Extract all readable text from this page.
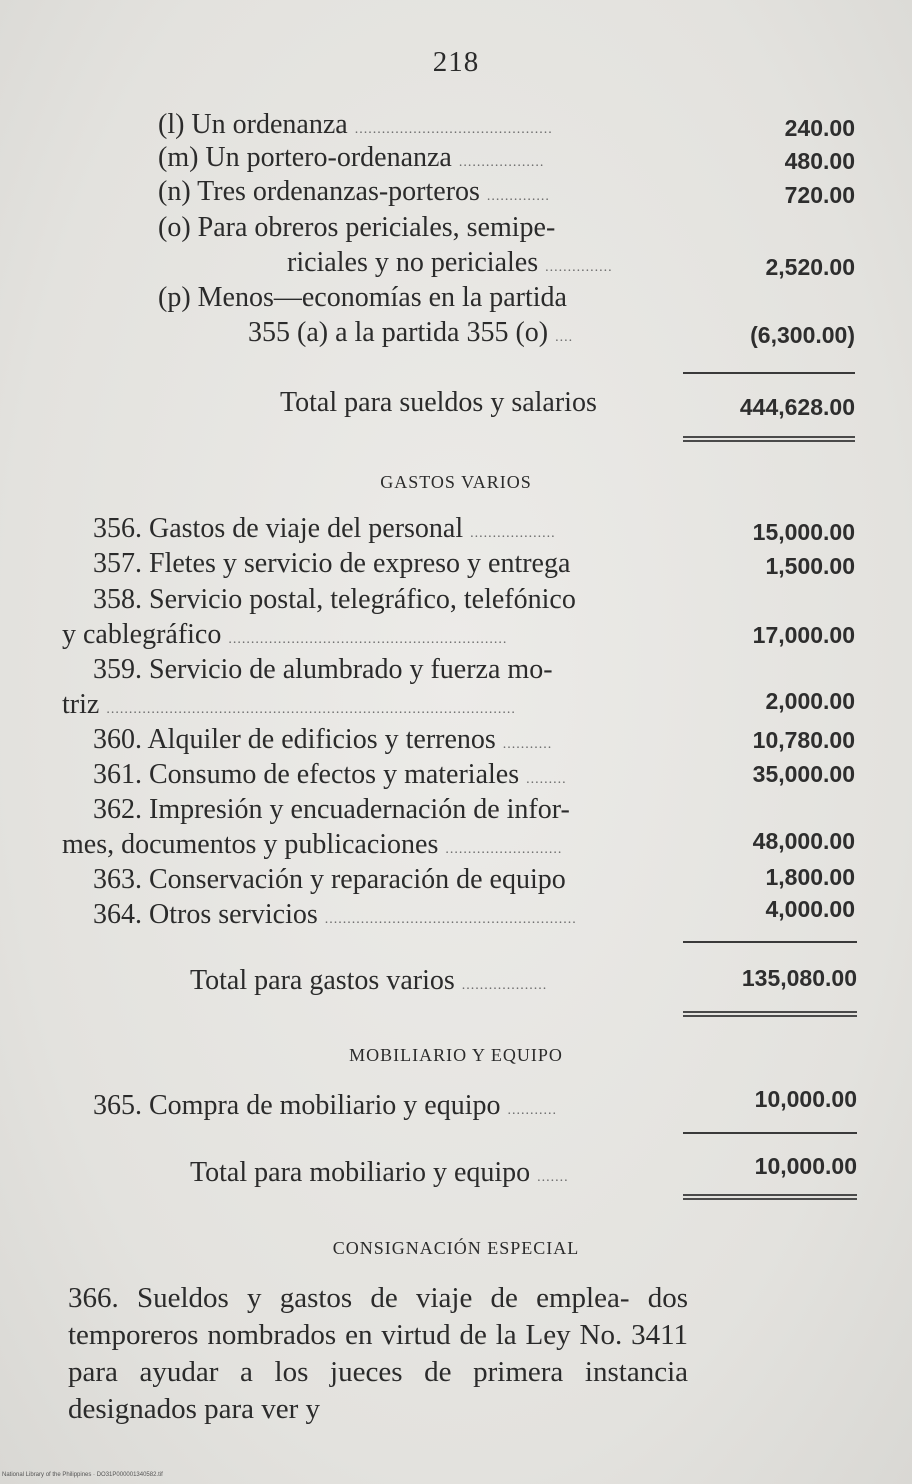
218
(l) Un ordenanza ............................................	240.00
(m) Un portero-ordenanza ...................	480.00
(n) Tres ordenanzas-porteros ..............	720.00
(o) Para obreros periciales, semipe-
riciales y no periciales ...............	2,520.00
(p) Menos—economías en la partida
355 (a) a la partida 355 (o) ....	(6,300.00)
Total para sueldos y salarios	444,628.00
GASTOS VARIOS
356. Gastos de viaje del personal ...................	15,000.00
357. Fletes y servicio de expreso y entrega	1,500.00
358. Servicio postal, telegráfico, telefónico
y cablegráfico ..............................................................	17,000.00
359. Servicio de alumbrado y fuerza mo-
triz ...........................................................................................	2,000.00
360. Alquiler de edificios y terrenos ...........	10,780.00
361. Consumo de efectos y materiales .........	35,000.00
362. Impresión y encuadernación de infor-
mes, documentos y publicaciones ..........................	48,000.00
363. Conservación y reparación de equipo	1,800.00
364. Otros servicios ........................................................	4,000.00
Total para gastos varios ...................	135,080.00
MOBILIARIO Y EQUIPO
365. Compra de mobiliario y equipo ...........	10,000.00
Total para mobiliario y equipo .......	10,000.00
CONSIGNACIÓN ESPECIAL
366. Sueldos y gastos de viaje de emplea- dos temporeros nombrados en virtud de la Ley No. 3411 para ayudar a los jueces de primera instancia designados para ver y
National Library of the Philippines · DO31P000001340582.tif
